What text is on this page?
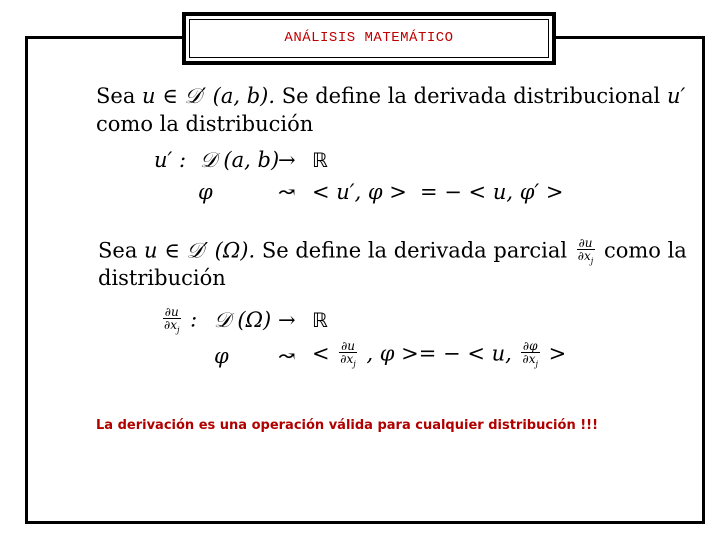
ANÁLISIS MATEMÁTICO
Sea u ∈ 𝒟′ (a, b). Se define la derivada distribucional u′
como la distribución
u′ : 𝒟 (a, b)
→ ℝ
φ	↝ < u′, φ > = − < u, φ′ >
Sea u ∈ 𝒟′ (Ω). Se define la derivada parcial $\frac{\partial u}{\partial x_j}$ como la
distribución
$\frac{\partial u}{\partial x_j}$ : 𝒟 (Ω) → ℝ
φ ↝ < $\frac{\partial u}{\partial x_j}$ , φ >= − < u, $\frac{\partial\varphi}{\partial x_j}$ >
La derivación es una operación válida para cualquier distribución !!!
